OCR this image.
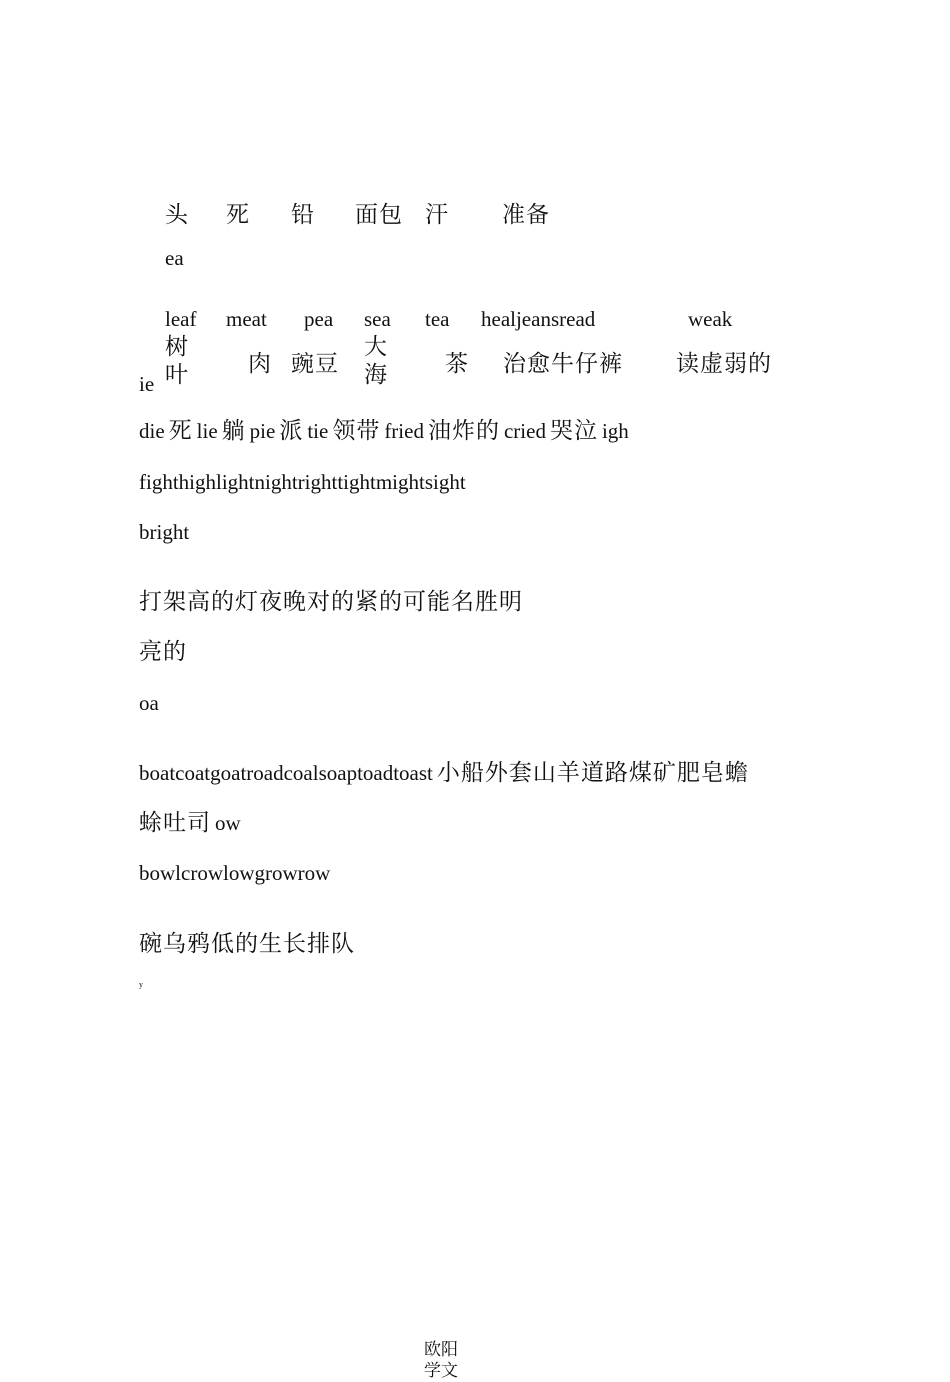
头 死 铅 面包 汗 准备
ea
leaf meat pea sea tea healjeansread	weak
树叶	肉 豌豆
大海 茶 治愈牛仔裤 读虚弱的
ie
die 死 lie 躺 pie 派 tie 领带 fried 油炸的 cried 哭泣 igh
fighthighlightnightrighttightmightsight
bright
打架高的灯夜晚对的紧的可能名胜明
亮的
oa
boatcoatgoatroadcoalsoaptoadtoast 小船外套山羊道路煤矿肥皂蟾
蜍吐司 ow
bowlcrowlowgrowrow
碗乌鸦低的生长排队
y
欧阳
学文
